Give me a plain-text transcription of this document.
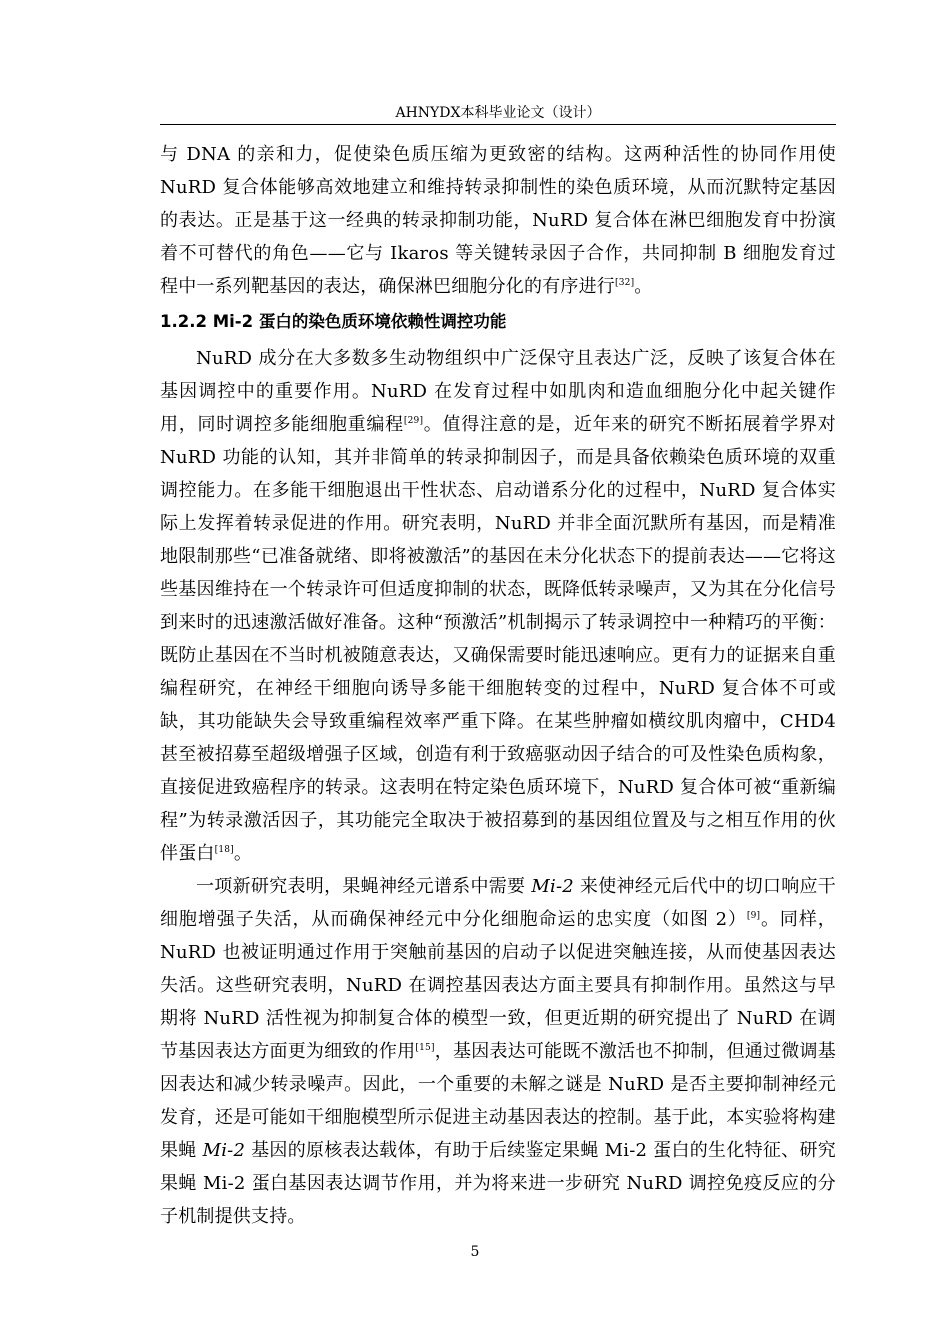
AHNYDX本科毕业论文（设计）

与 DNA 的亲和力，促使染色质压缩为更致密的结构。这两种活性的协同作用使 NuRD 复合体能够高效地建立和维持转录抑制性的染色质环境，从而沉默特定基因的表达。正是基于这一经典的转录抑制功能，NuRD 复合体在淋巴细胞发育中扮演着不可替代的角色——它与 Ikaros 等关键转录因子合作，共同抑制 B 细胞发育过程中一系列靶基因的表达，确保淋巴细胞分化的有序进行[32]。

1.2.2 Mi-2 蛋白的染色质环境依赖性调控功能

NuRD 成分在大多数多生动物组织中广泛保守且表达广泛，反映了该复合体在基因调控中的重要作用。NuRD 在发育过程中如肌肉和造血细胞分化中起关键作用，同时调控多能细胞重编程[29]。值得注意的是，近年来的研究不断拓展着学界对 NuRD 功能的认知，其并非简单的转录抑制因子，而是具备依赖染色质环境的双重调控能力。在多能干细胞退出干性状态、启动谱系分化的过程中，NuRD 复合体实际上发挥着转录促进的作用。研究表明，NuRD 并非全面沉默所有基因，而是精准地限制那些“已准备就绪、即将被激活”的基因在未分化状态下的提前表达——它将这些基因维持在一个转录许可但适度抑制的状态，既降低转录噪声，又为其在分化信号到来时的迅速激活做好准备。这种“预激活”机制揭示了转录调控中一种精巧的平衡：既防止基因在不当时机被随意表达，又确保需要时能迅速响应。更有力的证据来自重编程研究，在神经干细胞向诱导多能干细胞转变的过程中，NuRD 复合体不可或缺，其功能缺失会导致重编程效率严重下降。在某些肿瘤如横纹肌肉瘤中，CHD4 甚至被招募至超级增强子区域，创造有利于致癌驱动因子结合的可及性染色质构象，直接促进致癌程序的转录。这表明在特定染色质环境下，NuRD 复合体可被“重新编程”为转录激活因子，其功能完全取决于被招募到的基因组位置及与之相互作用的伙伴蛋白[18]。

一项新研究表明，果蝇神经元谱系中需要 Mi-2 来使神经元后代中的切口响应干细胞增强子失活，从而确保神经元中分化细胞命运的忠实度（如图 2）[9]。同样，NuRD 也被证明通过作用于突触前基因的启动子以促进突触连接，从而使基因表达失活。这些研究表明，NuRD 在调控基因表达方面主要具有抑制作用。虽然这与早期将 NuRD 活性视为抑制复合体的模型一致，但更近期的研究提出了 NuRD 在调节基因表达方面更为细致的作用[15]，基因表达可能既不激活也不抑制，但通过微调基因表达和减少转录噪声。因此，一个重要的未解之谜是 NuRD 是否主要抑制神经元发育，还是可能如干细胞模型所示促进主动基因表达的控制。基于此，本实验将构建果蝇 Mi-2 基因的原核表达载体，有助于后续鉴定果蝇 Mi-2 蛋白的生化特征、研究果蝇 Mi-2 蛋白基因表达调节作用，并为将来进一步研究 NuRD 调控免疫反应的分子机制提供支持。

5
